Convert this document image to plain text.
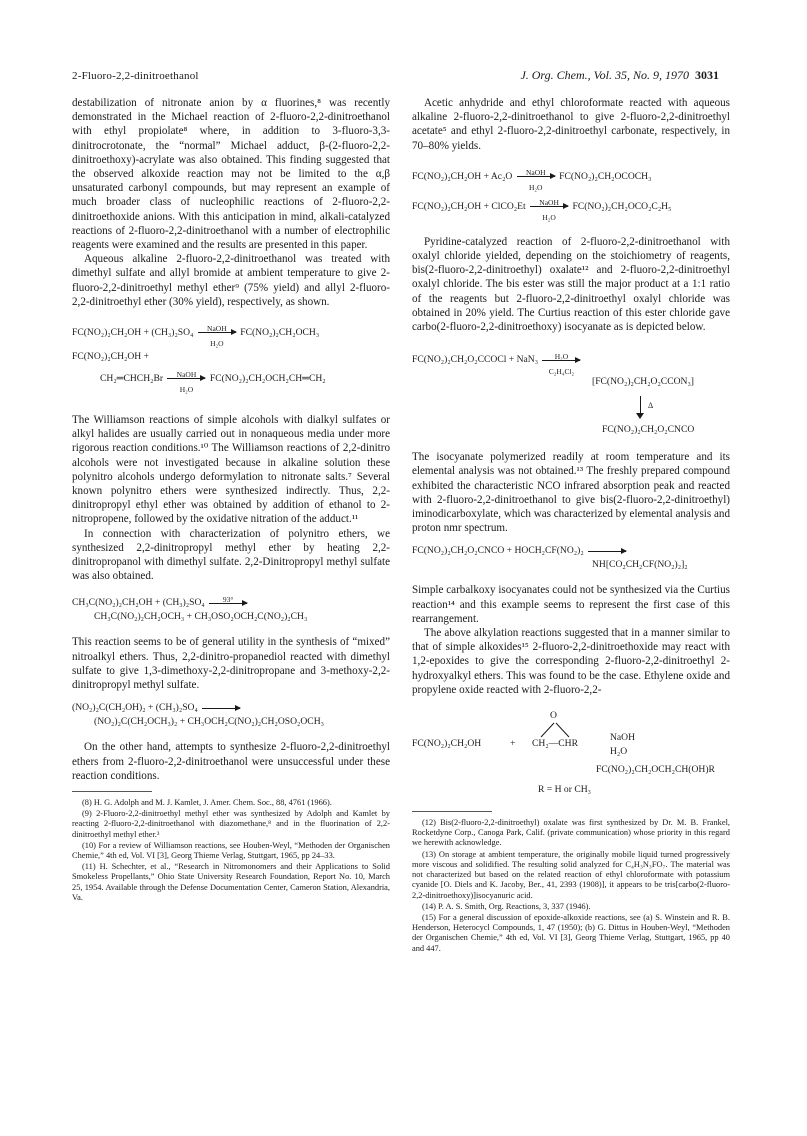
2-Fluoro-2,2-dinitroethanol	J. Org. Chem., Vol. 35, No. 9, 1970 3031

destabilization of nitronate anion by α fluorines,⁸ was recently demonstrated in the Michael reaction of 2-fluoro-2,2-dinitroethanol with ethyl propiolate⁸ where, in addition to 3-fluoro-3,3-dinitrocrotonate, the “normal” Michael adduct, β-(2-fluoro-2,2-dinitroethoxy)-acrylate was also obtained. This finding suggested that the observed alkoxide reaction may not be limited to the α,β unsaturated carbonyl compounds, but may represent an example of much broader class of nucleophilic reactions of 2-fluoro-2,2-dinitroethoxide anions. With this anticipation in mind, alkali-catalyzed reactions of 2-fluoro-2,2-dinitroethanol with a number of electrophilic reagents were examined and the results are presented in this paper.

Aqueous alkaline 2-fluoro-2,2-dinitroethanol was treated with dimethyl sulfate and allyl bromide at ambient temperature to give 2-fluoro-2,2-dinitroethyl methyl ether⁹ (75% yield) and allyl 2-fluoro-2,2-dinitroethyl ether (30% yield), respectively, as shown.

FC(NO₂)₂CH₂OH + (CH₃)₂SO₄	NaOH
H₂O
FC(NO₂)₂CH₂OCH₃
FC(NO₂)₂CH₂OH +
CH₂═CHCH₂Br	NaOH
H₂O
FC(NO₂)₂CH₂OCH₂CH═CH₂

The Williamson reactions of simple alcohols with dialkyl sulfates or alkyl halides are usually carried out in nonaqueous media under more rigorous reaction conditions.¹⁰ The Williamson reactions of 2,2-dinitro alcohols were not investigated because in alkaline solution these polynitro alcohols undergo deformylation to nitronate salts.⁷ Several known polynitro ethers were synthesized indirectly. Thus, 2,2-dinitropropyl ethyl ether was obtained by addition of ethanol to 2-nitropropene, followed by the oxidative nitration of the adduct.¹¹

In connection with characterization of polynitro ethers, we synthesized 2,2-dinitropropyl methyl ether by heating 2,2-dinitropropanol with dimethyl sulfate. 2,2-Dinitropropyl methyl sulfate was also obtained.

CH₃C(NO₂)₂CH₂OH + (CH₃)₂SO₄	93°
CH₃C(NO₂)₂CH₂OCH₃ + CH₃OSO₂OCH₂C(NO₂)₂CH₃

This reaction seems to be of general utility in the synthesis of “mixed” nitroalkyl ethers. Thus, 2,2-dinitro-propanediol reacted with dimethyl sulfate to give 1,3-dimethoxy-2,2-dinitropropane and 3-methoxy-2,2-dinitropropyl methyl sulfate.

(NO₂)₂C(CH₂OH)₂ + (CH₃)₂SO₄ →
(NO₂)₂C(CH₂OCH₃)₂ + CH₃OCH₂C(NO₂)₂CH₂OSO₂OCH₃

On the other hand, attempts to synthesize 2-fluoro-2,2-dinitroethyl ethers from 2-fluoro-2,2-dinitroethanol were unsuccessful under these reaction conditions.

(8) H. G. Adolph and M. J. Kamlet, J. Amer. Chem. Soc., 88, 4761 (1966).

(9) 2-Fluoro-2,2-dinitroethyl methyl ether was synthesized by Adolph and Kamlet by reacting 2-fluoro-2,2-dinitroethanol with diazomethane,⁸ and in the fluorination of 2,2-dinitroethyl methyl ether.³

(10) For a review of Williamson reactions, see Houben-Weyl, “Methoden der Organischen Chemie,” 4th ed, Vol. VI [3], Georg Thieme Verlag, Stuttgart, 1965, pp 24–33.

(11) H. Schechter, et al., “Research in Nitromonomers and their Applications to Solid Smokeless Propellants,” Ohio State University Research Foundation, Report No. 10, March 25, 1954. Available through the Defense Documentation Center, Cameron Station, Alexandria, Va.

Acetic anhydride and ethyl chloroformate reacted with aqueous alkaline 2-fluoro-2,2-dinitroethanol to give 2-fluoro-2,2-dinitroethyl acetate⁵ and ethyl 2-fluoro-2,2-dinitroethyl carbonate, respectively, in 70–80% yields.

FC(NO₂)₂CH₂OH + Ac₂O	NaOH
H₂O
FC(NO₂)₂CH₂OCOCH₃
FC(NO₂)₂CH₂OH + ClCO₂Et	NaOH
H₂O
FC(NO₂)₂CH₂OCO₂C₂H₅

Pyridine-catalyzed reaction of 2-fluoro-2,2-dinitroethanol with oxalyl chloride yielded, depending on the stoichiometry of reagents, bis(2-fluoro-2,2-dinitroethyl) oxalate¹² and 2-fluoro-2,2-dinitroethyl oxalyl chloride. The bis ester was still the major product at a 1:1 ratio of the reagents but 2-fluoro-2,2-dinitroethyl oxalyl chloride was obtained in 20% yield. The Curtius reaction of this ester chloride gave carbo(2-fluoro-2,2-dinitroethoxy) isocyanate as is depicted below.

FC(NO₂)₂CH₂O₂CCOCl + $NaN_3 \frac{\text{H₂O}}{\text{C₂H₄Cl₂}}$
[FC(NO₂)₂CH₂O₂CCON₃]
Δ
FC(NO₂)₂CH₂O₂CNCO

The isocyanate polymerized readily at room temperature and its elemental analysis was not obtained.¹³ The freshly prepared compound exhibited the characteristic NCO infrared absorption peak and reacted with 2-fluoro-2,2-dinitroethanol to give bis(2-fluoro-2,2-dinitroethyl) iminodicarboxylate, which was characterized by elemental analysis and proton nmr spectrum.

FC(NO₂)₂CH₂O₂CNCO + HOCH₂CF(NO₂)₂ →
NH[CO₂CH₂CF(NO₂)₂]₂

Simple carbalkoxy isocyanates could not be synthesized via the Curtius reaction¹⁴ and this example seems to represent the first case of this rearrangement.

The above alkylation reactions suggested that in a manner similar to that of simple alkoxides¹⁵ 2-fluoro-2,2-dinitroethoxide may react with 1,2-epoxides to give the corresponding 2-fluoro-2,2-dinitroethyl 2-hydroxyalkyl ethers. This was found to be the case. Ethylene oxide and propylene oxide reacted with 2-fluoro-2,2-

FC(NO₂)₂CH₂OH	+
O
CH₂—CHR
NaOH
H₂O
FC(NO₂)₂CH₂OCH₂CH(OH)R
R = H or CH₃

(12) Bis(2-fluoro-2,2-dinitroethyl) oxalate was first synthesized by Dr. M. B. Frankel, Rocketdyne Corp., Canoga Park, Calif. (private communication) whose priority in this regard we herewith acknowledge.

(13) On storage at ambient temperature, the originally mobile liquid turned progressively more viscous and solidified. The resulting solid analyzed for C₄H₃N₃FO₇. The material was not characterized but based on the related reaction of ethyl chloroformate with potassium cyanide [O. Diels and K. Jacoby, Ber., 41, 2393 (1908)], it appears to be tris[carbo(2-fluoro-2,2-dinitroethoxy)]isocyanuric acid.

(14) P. A. S. Smith, Org. Reactions, 3, 337 (1946).

(15) For a general discussion of epoxide-alkoxide reactions, see (a) S. Winstein and R. B. Henderson, Heterocycl Compounds, 1, 47 (1950); (b) G. Dittus in Houben-Weyl, “Methoden der Organischen Chemie,” 4th ed, Vol. VI [3], Georg Thieme Verlag, Stuttgart, 1965, pp 40 and 447.
